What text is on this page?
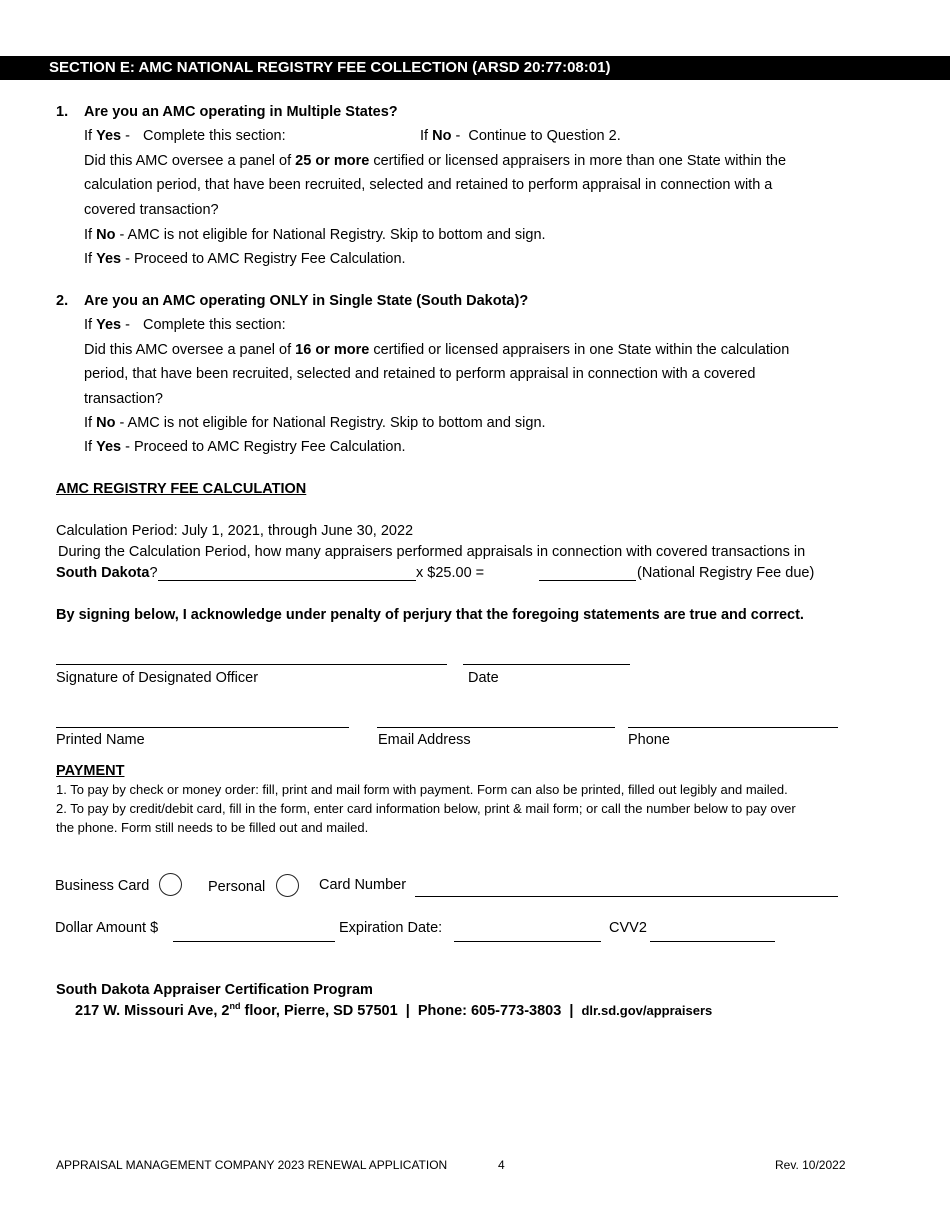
SECTION E: AMC NATIONAL REGISTRY FEE COLLECTION (ARSD 20:77:08:01)
1. Are you an AMC operating in Multiple States?
If Yes - Complete this section:	If No - Continue to Question 2.
Did this AMC oversee a panel of 25 or more certified or licensed appraisers in more than one State within the
calculation period, that have been recruited, selected and retained to perform appraisal in connection with a
covered transaction?
If No - AMC is not eligible for National Registry. Skip to bottom and sign.
If Yes - Proceed to AMC Registry Fee Calculation.
2. Are you an AMC operating ONLY in Single State (South Dakota)?
If Yes - Complete this section:
Did this AMC oversee a panel of 16 or more certified or licensed appraisers in one State within the calculation
period, that have been recruited, selected and retained to perform appraisal in connection with a covered
transaction?
If No - AMC is not eligible for National Registry. Skip to bottom and sign.
If Yes - Proceed to AMC Registry Fee Calculation.
AMC REGISTRY FEE CALCULATION
Calculation Period: July 1, 2021, through June 30, 2022
During the Calculation Period, how many appraisers performed appraisals in connection with covered transactions in
South Dakota?	x $25.00 =	(National Registry Fee due)
By signing below, I acknowledge under penalty of perjury that the foregoing statements are true and correct.
Signature of Designated Officer	Date
Printed Name	Email Address	Phone
PAYMENT
1. To pay by check or money order: fill, print and mail form with payment. Form can also be printed, filled out legibly and mailed.
2. To pay by credit/debit card, fill in the form, enter card information below, print & mail form; or call the number below to pay over
the phone. Form still needs to be filled out and mailed.
Business Card	Personal	Card Number
Dollar Amount $	Expiration Date:	CVV2
South Dakota Appraiser Certification Program
217 W. Missouri Ave, 2nd floor, Pierre, SD 57501 | Phone: 605-773-3803 | dlr.sd.gov/appraisers
APPRAISAL MANAGEMENT COMPANY 2023 RENEWAL APPLICATION	4	Rev. 10/2022
